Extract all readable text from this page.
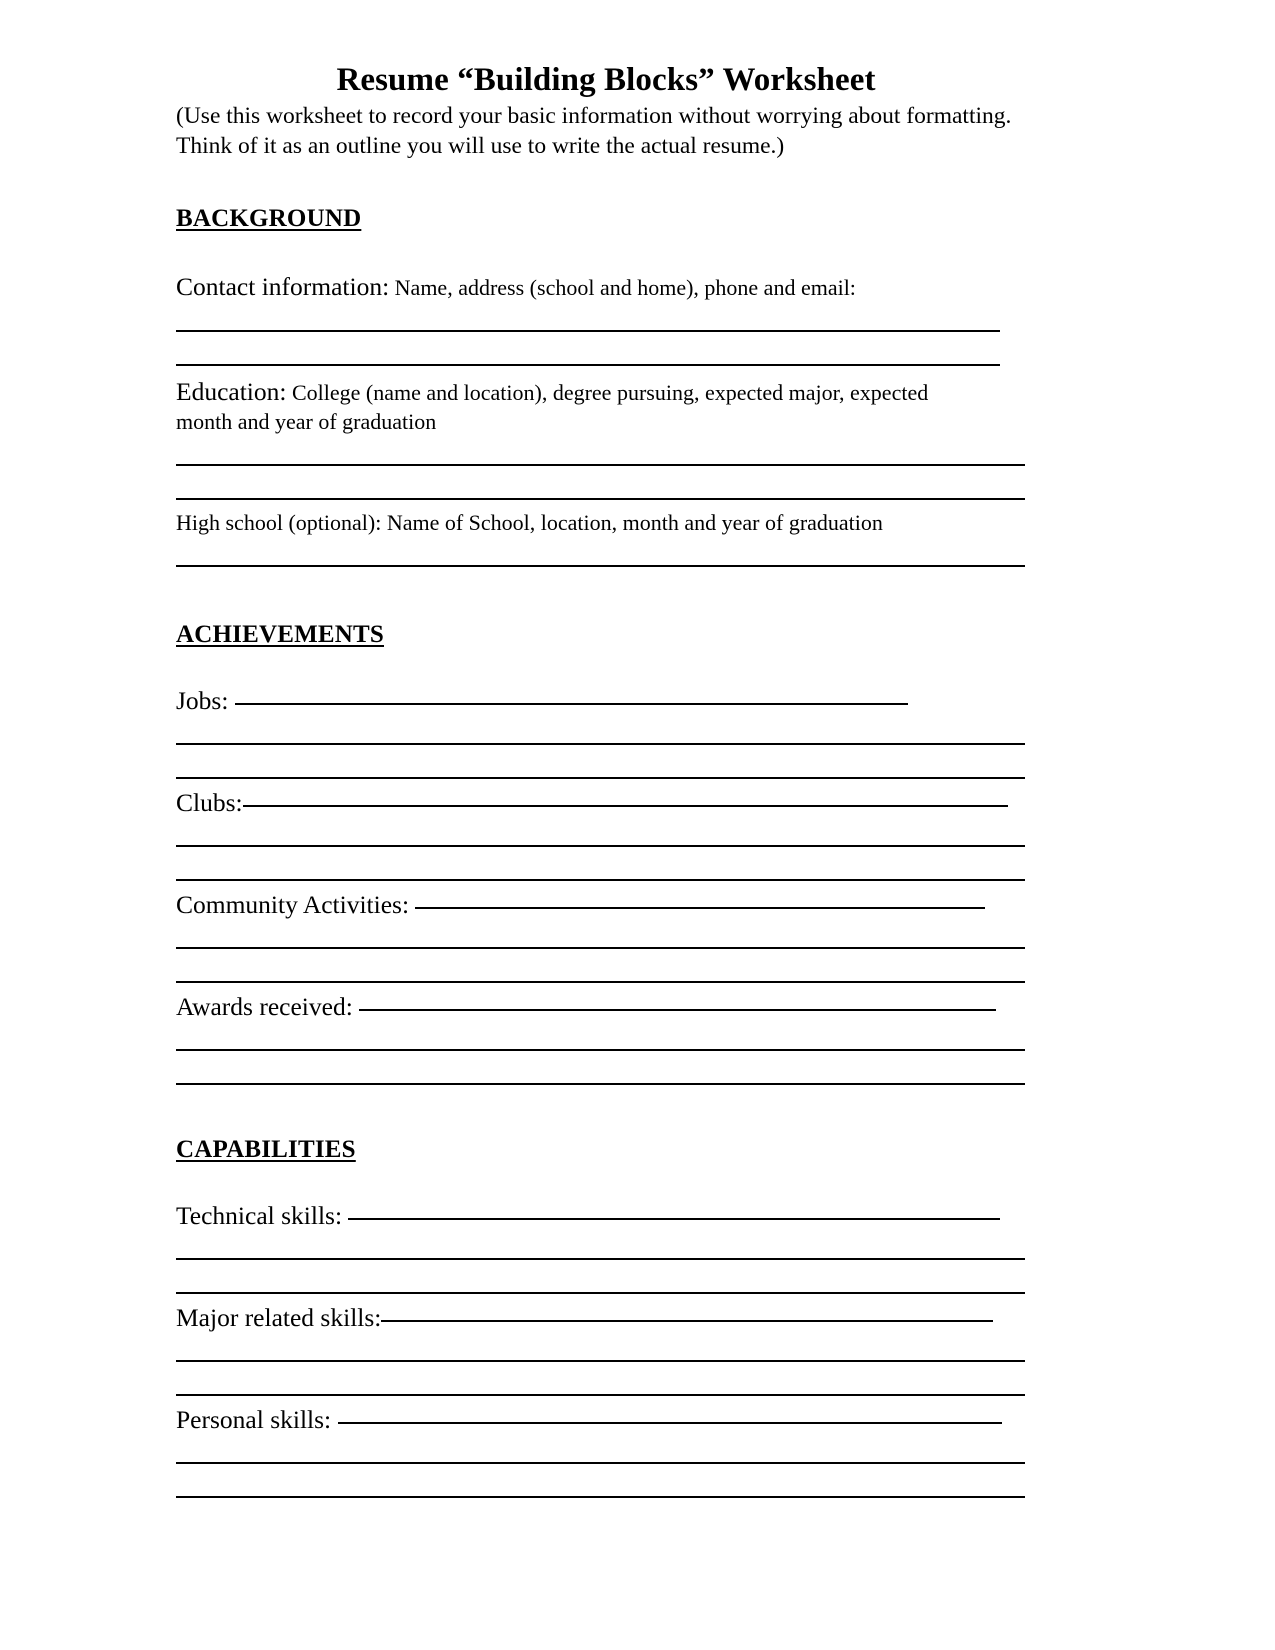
Resume “Building Blocks” Worksheet

(Use this worksheet to record your basic information without worrying about formatting.

Think of it as an outline you will use to write the actual resume.)

BACKGROUND

Contact information: Name, address (school and home), phone and email:

Education: College (name and location), degree pursuing, expected major, expected

month and year of graduation

High school (optional): Name of School, location, month and year of graduation

ACHIEVEMENTS

Jobs:

Clubs:

Community Activities:

Awards received:

CAPABILITIES

Technical skills:

Major related skills:

Personal skills:
